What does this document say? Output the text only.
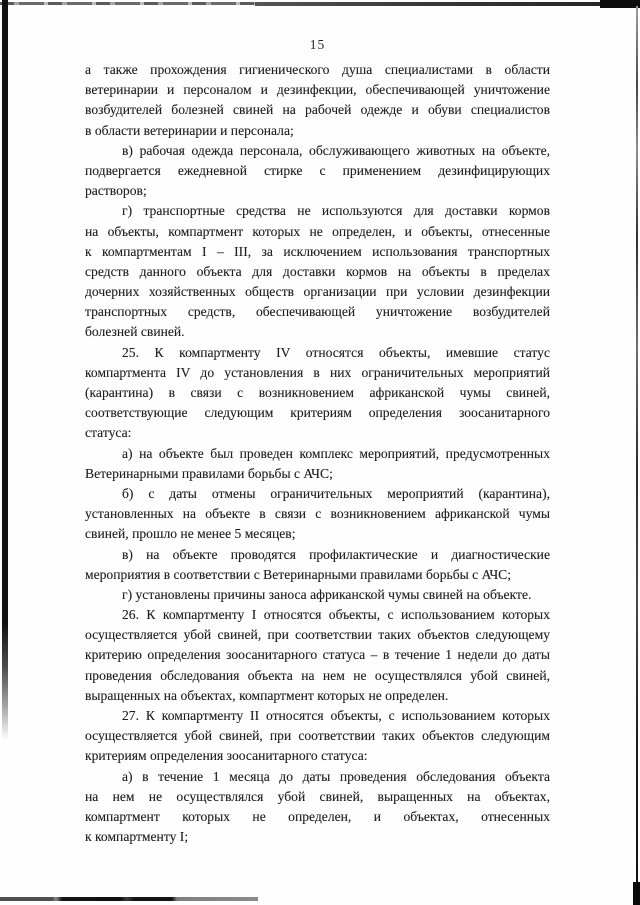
15
а также прохождения гигиенического душа специалистами в области
ветеринарии и персоналом и дезинфекции, обеспечивающей уничтожение
возбудителей болезней свиней на рабочей одежде и обуви специалистов
в области ветеринарии и персонала;
в) рабочая одежда персонала, обслуживающего животных на объекте,
подвергается ежедневной стирке с применением дезинфицирующих
растворов;
г) транспортные средства не используются для доставки кормов
на объекты, компартмент которых не определен, и объекты, отнесенные
к компартментам I – III, за исключением использования транспортных
средств данного объекта для доставки кормов на объекты в пределах
дочерних хозяйственных обществ организации при условии дезинфекции
транспортных средств, обеспечивающей уничтожение возбудителей
болезней свиней.
25. К компартменту IV относятся объекты, имевшие статус
компартмента IV до установления в них ограничительных мероприятий
(карантина) в связи с возникновением африканской чумы свиней,
соответствующие следующим критериям определения зоосанитарного
статуса:
а) на объекте был проведен комплекс мероприятий, предусмотренных
Ветеринарными правилами борьбы с АЧС;
б) с даты отмены ограничительных мероприятий (карантина),
установленных на объекте в связи с возникновением африканской чумы
свиней, прошло не менее 5 месяцев;
в) на объекте проводятся профилактические и диагностические
мероприятия в соответствии с Ветеринарными правилами борьбы с АЧС;
г) установлены причины заноса африканской чумы свиней на объекте.
26. К компартменту I относятся объекты, с использованием которых
осуществляется убой свиней, при соответствии таких объектов следующему
критерию определения зоосанитарного статуса – в течение 1 недели до даты
проведения обследования объекта на нем не осуществлялся убой свиней,
выращенных на объектах, компартмент которых не определен.
27. К компартменту II относятся объекты, с использованием которых
осуществляется убой свиней, при соответствии таких объектов следующим
критериям определения зоосанитарного статуса:
а) в течение 1 месяца до даты проведения обследования объекта
на нем не осуществлялся убой свиней, выращенных на объектах,
компартмент которых не определен, и объектах, отнесенных
к компартменту I;
